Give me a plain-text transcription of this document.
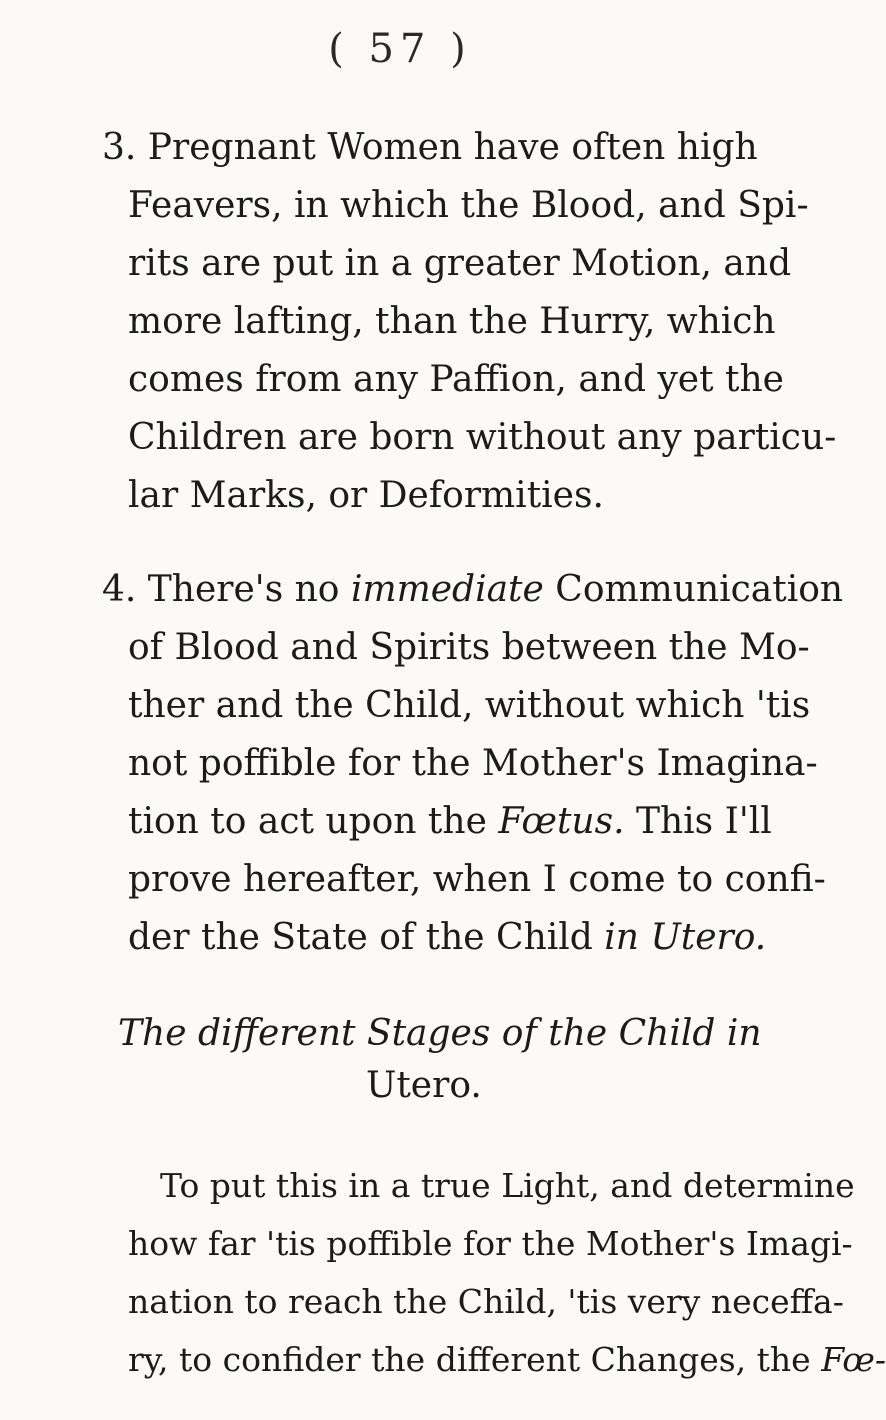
( 57 )
3. Pregnant Women have often high
Feavers, in which the Blood, and Spi-
rits are put in a greater Motion, and
more lafting, than the Hurry, which
comes from any Paffion, and yet the
Children are born without any particu-
lar Marks, or Deformities.
4. There's no immediate Communication
of Blood and Spirits between the Mo-
ther and the Child, without which 'tis
not poffible for the Mother's Imagina-
tion to act upon the Fœtus. This I'll
prove hereafter, when I come to confi-
der the State of the Child in Utero.
The different Stages of the Child in
Utero.
To put this in a true Light, and determine
how far 'tis poffible for the Mother's Imagi-
nation to reach the Child, 'tis very neceffa-
ry, to confider the different Changes, the Fœ-
